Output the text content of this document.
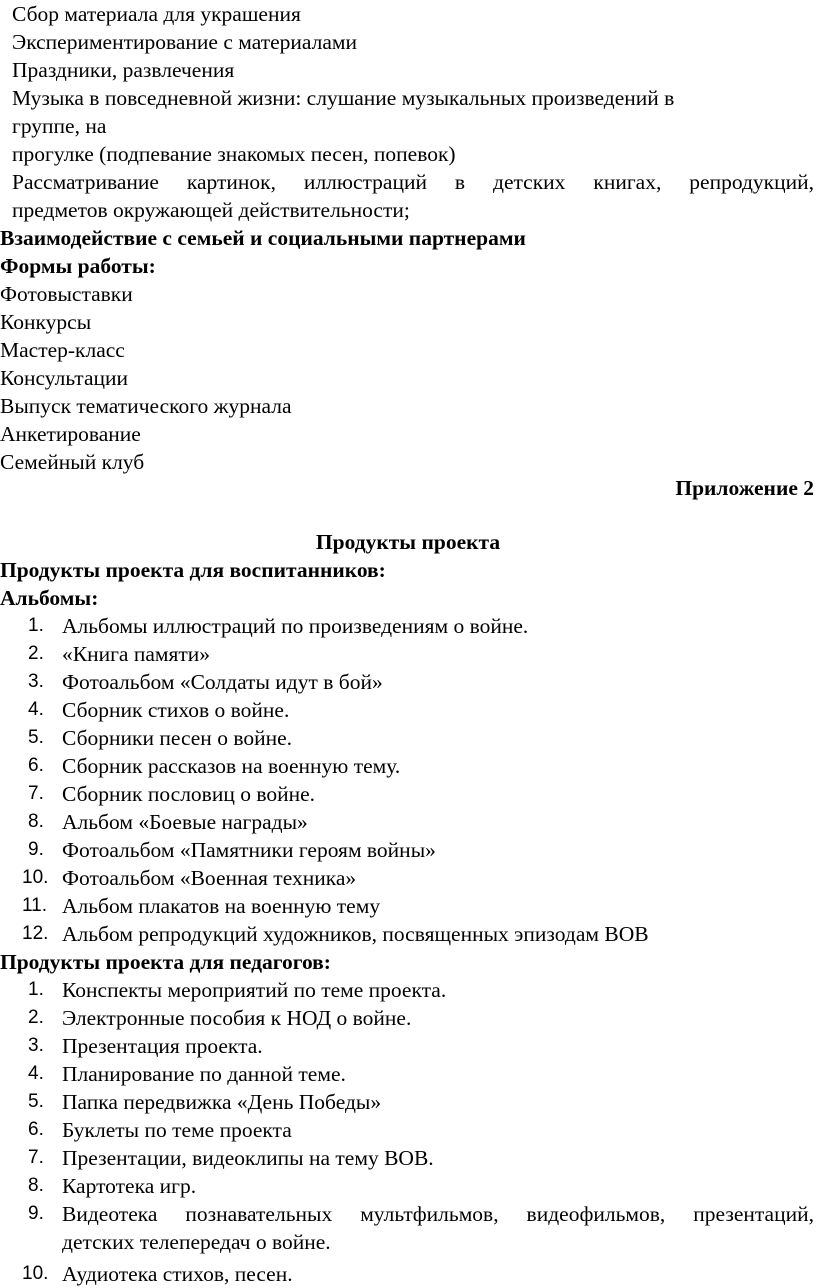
Сбор материала для украшения
Экспериментирование с материалами
Праздники, развлечения
Музыка в повседневной жизни: слушание музыкальных произведений в
группе, на
прогулке (подпевание знакомых песен, попевок)
Рассматривание картинок, иллюстраций в детских книгах, репродукций,
предметов окружающей действительности;
Взаимодействие с семьей и социальными партнерами
Формы работы:
Фотовыставки
Конкурсы
Мастер-класс
Консультации
Выпуск тематического журнала
Анкетирование
Семейный клуб
Приложение 2
Продукты проекта
Продукты проекта для воспитанников:
Альбомы:
1. Альбомы иллюстраций по произведениям о войне.
2. «Книга памяти»
3. Фотоальбом «Солдаты идут в бой»
4. Сборник стихов о войне.
5. Сборники песен о войне.
6. Сборник рассказов на военную тему.
7. Сборник пословиц о войне.
8. Альбом «Боевые награды»
9. Фотоальбом «Памятники героям войны»
10. Фотоальбом «Военная техника»
11. Альбом плакатов на военную тему
12. Альбом репродукций художников, посвященных эпизодам ВОВ
Продукты проекта для педагогов:
1. Конспекты мероприятий по теме проекта.
2. Электронные пособия к НОД о войне.
3. Презентация проекта.
4. Планирование по данной теме.
5. Папка передвижка «День Победы»
6. Буклеты по теме проекта
7. Презентации, видеоклипы на тему ВОВ.
8. Картотека игр.
9. Видеотека познавательных мультфильмов, видеофильмов, презентаций,
детских телепередач о войне.
10. Аудиотека стихов, песен.
